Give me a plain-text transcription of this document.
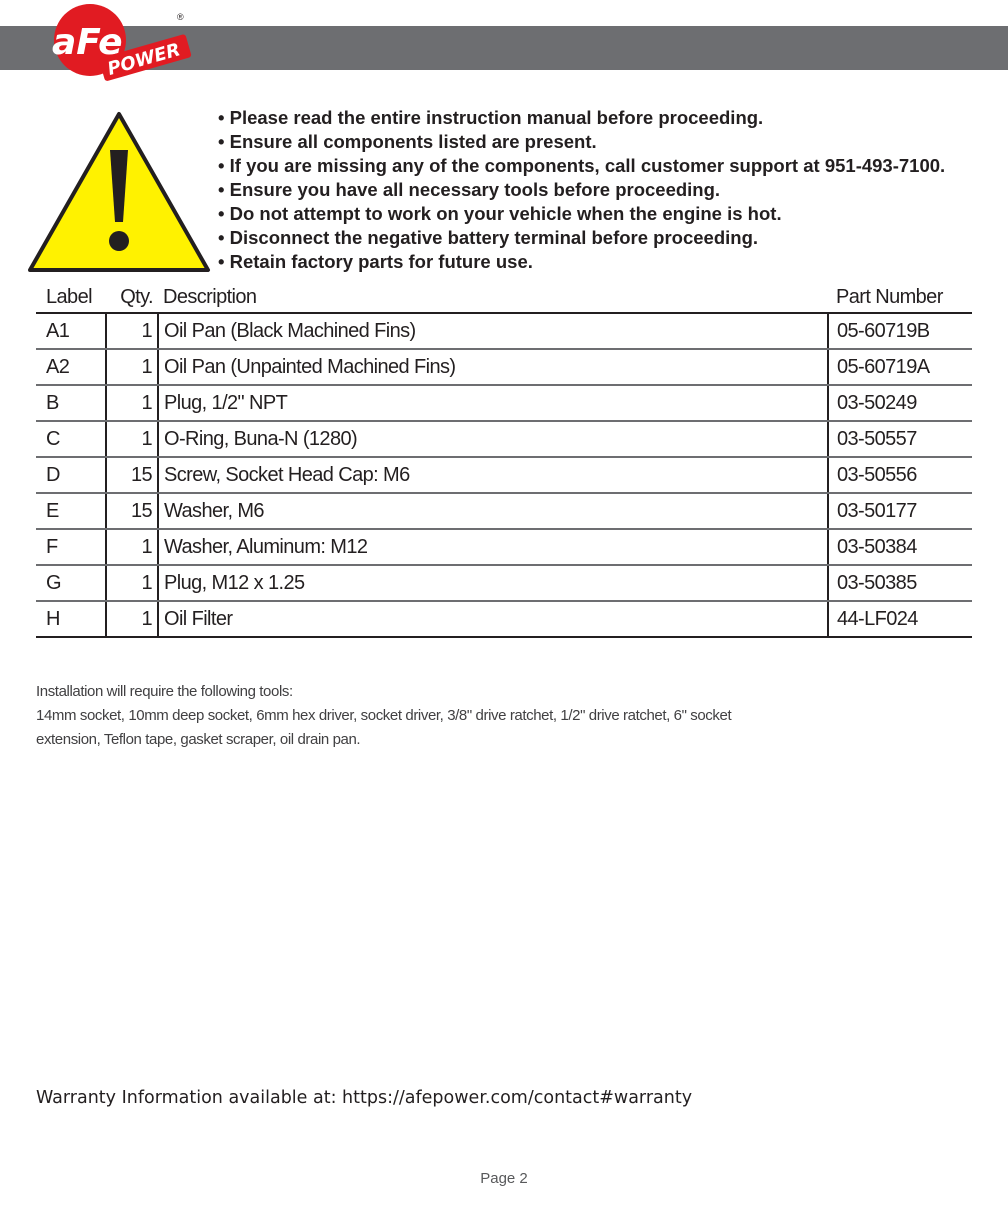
aFe
POWER
®
• Please read the entire instruction manual before proceeding.
• Ensure all components listed are present.
• If you are missing any of the components, call customer support at 951-493-7100.
• Ensure you have all necessary tools before proceeding.
• Do not attempt to work on your vehicle when the engine is hot.
• Disconnect the negative battery terminal before proceeding.
• Retain factory parts for future use.
Label	Qty.	Description	Part Number
A1	1	Oil Pan (Black Machined Fins)	05-60719B
A2	1	Oil Pan (Unpainted Machined Fins)	05-60719A
B	1	Plug, 1/2" NPT	03-50249
C	1	O-Ring, Buna-N (1280)	03-50557
D	15	Screw, Socket Head Cap: M6	03-50556
E	15	Washer, M6	03-50177
F	1	Washer, Aluminum: M12	03-50384
G	1	Plug, M12 x 1.25	03-50385
H	1	Oil Filter	44-LF024
Installation will require the following tools:
14mm socket, 10mm deep socket, 6mm hex driver, socket driver, 3/8" drive ratchet, 1/2" drive ratchet, 6" socket
extension, Teflon tape, gasket scraper, oil drain pan.
Warranty Information available at: https://afepower.com/contact#warranty
Page 2
